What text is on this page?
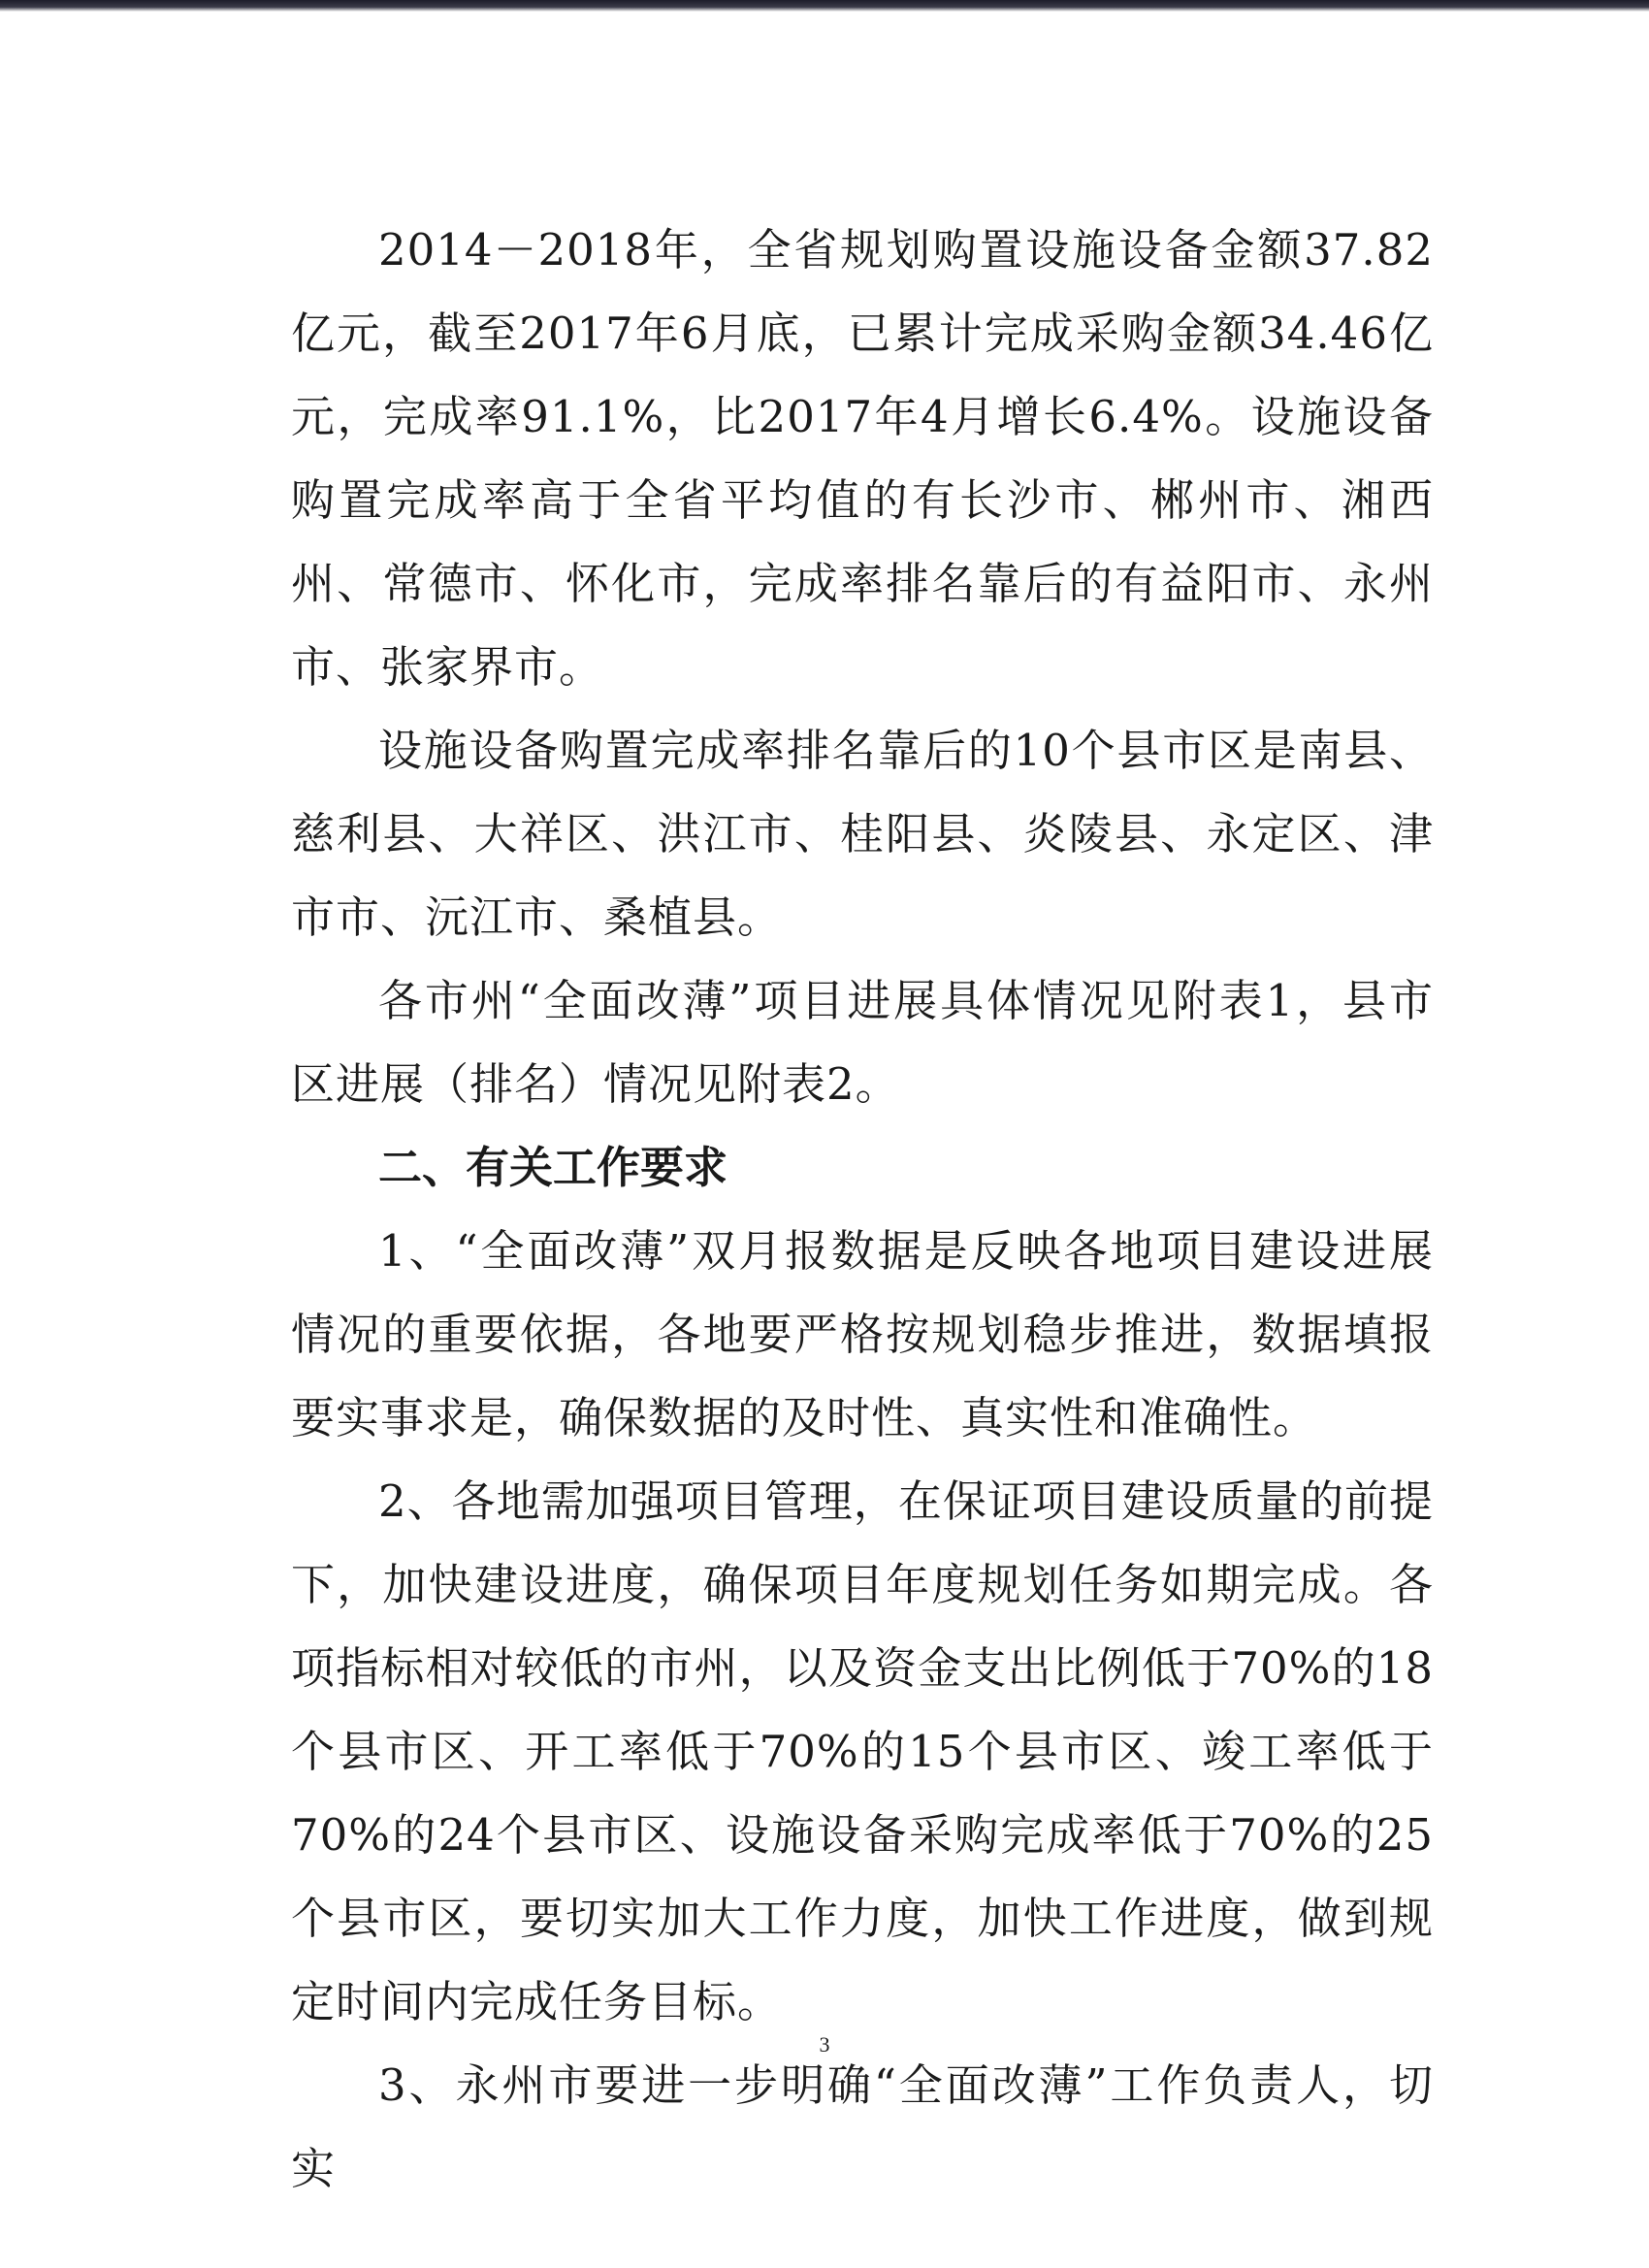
2014－2018年，全省规划购置设施设备金额37.82亿元，截至2017年6月底，已累计完成采购金额34.46亿元，完成率91.1%，比2017年4月增长6.4%。设施设备购置完成率高于全省平均值的有长沙市、郴州市、湘西州、常德市、怀化市，完成率排名靠后的有益阳市、永州市、张家界市。

设施设备购置完成率排名靠后的10个县市区是南县、慈利县、大祥区、洪江市、桂阳县、炎陵县、永定区、津市市、沅江市、桑植县。

各市州“全面改薄”项目进展具体情况见附表1，县市区进展（排名）情况见附表2。

二、有关工作要求

1、“全面改薄”双月报数据是反映各地项目建设进展情况的重要依据，各地要严格按规划稳步推进，数据填报要实事求是，确保数据的及时性、真实性和准确性。

2、各地需加强项目管理，在保证项目建设质量的前提下，加快建设进度，确保项目年度规划任务如期完成。各项指标相对较低的市州，以及资金支出比例低于70%的18个县市区、开工率低于70%的15个县市区、竣工率低于70%的24个县市区、设施设备采购完成率低于70%的25个县市区，要切实加大工作力度，加快工作进度，做到规定时间内完成任务目标。

3、永州市要进一步明确“全面改薄”工作负责人，切实

3
